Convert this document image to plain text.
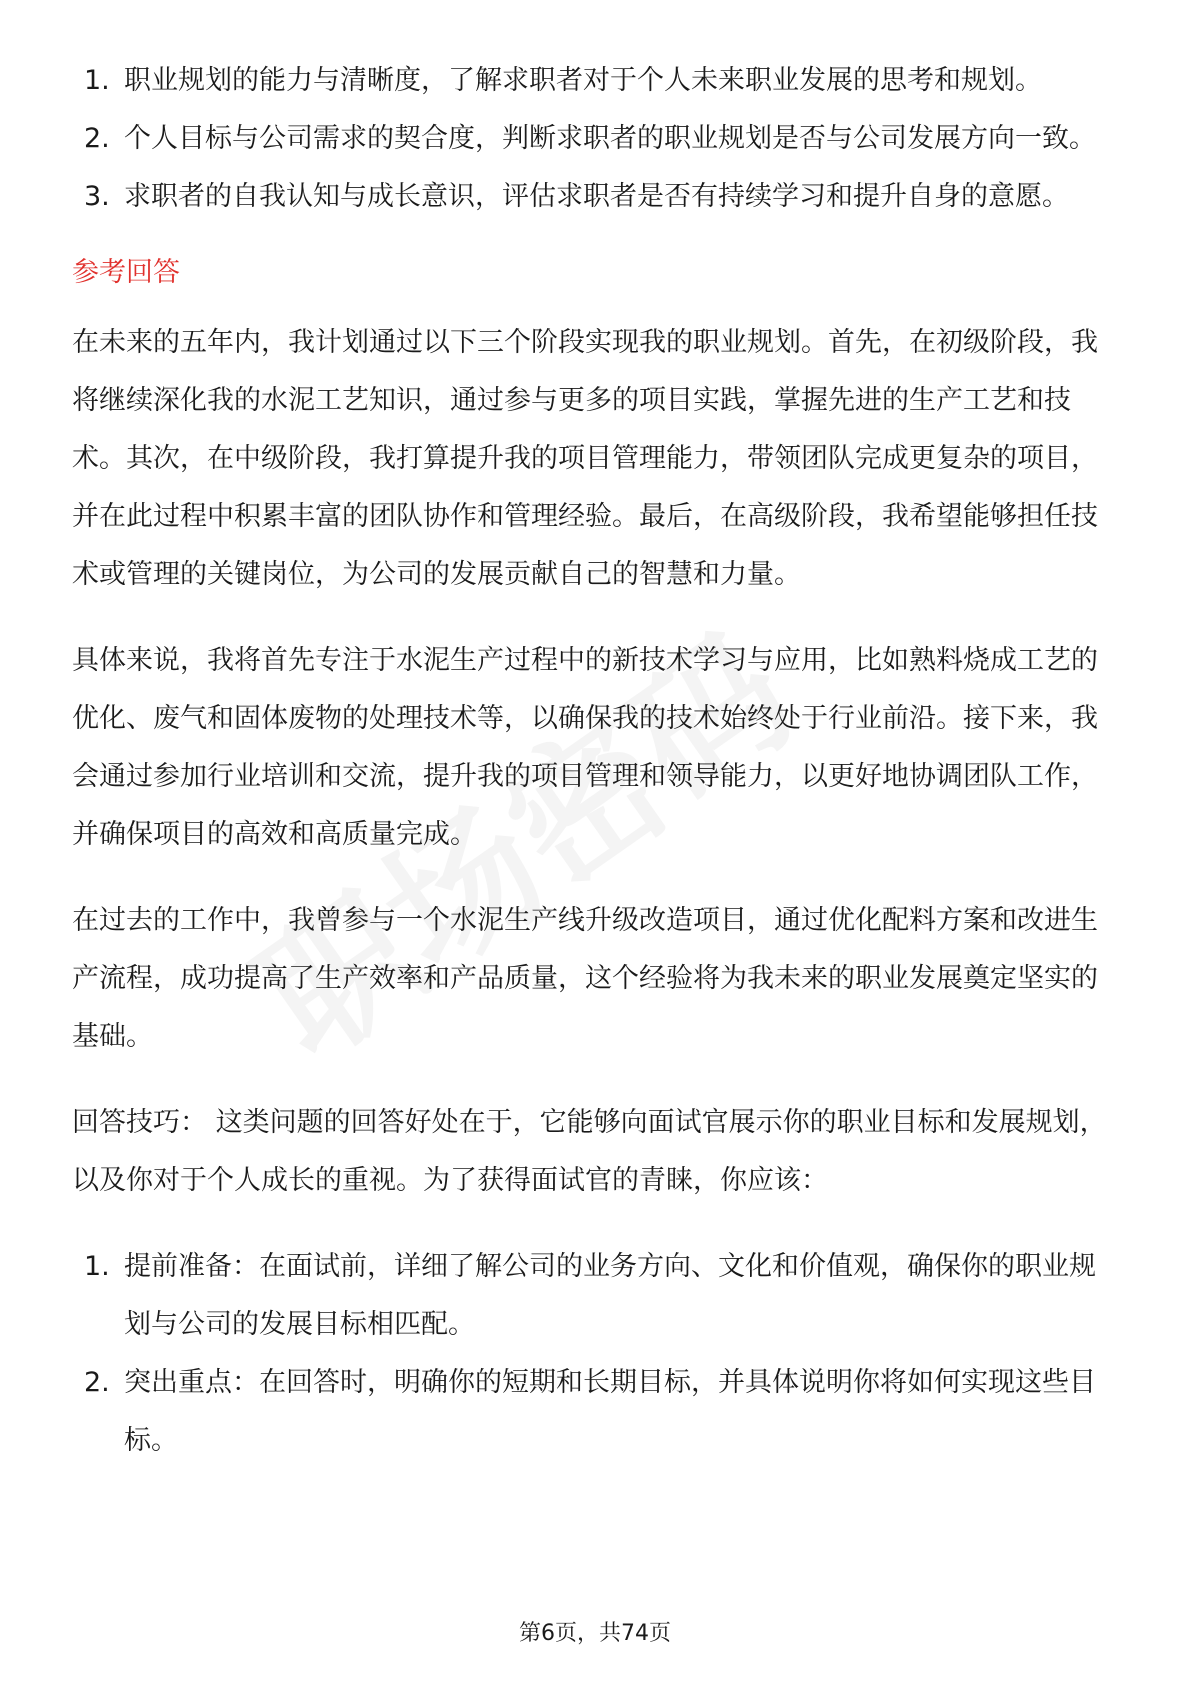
1. 职业规划的能力与清晰度，了解求职者对于个人未来职业发展的思考和规划。
2. 个人目标与公司需求的契合度，判断求职者的职业规划是否与公司发展方向一致。
3. 求职者的自我认知与成长意识，评估求职者是否有持续学习和提升自身的意愿。
参考回答

在未来的五年内，我计划通过以下三个阶段实现我的职业规划。首先，在初级阶段，我将继续深化我的水泥工艺知识，通过参与更多的项目实践，掌握先进的生产工艺和技术。其次，在中级阶段，我打算提升我的项目管理能力，带领团队完成更复杂的项目，并在此过程中积累丰富的团队协作和管理经验。最后，在高级阶段，我希望能够担任技术或管理的关键岗位，为公司的发展贡献自己的智慧和力量。

具体来说，我将首先专注于水泥生产过程中的新技术学习与应用，比如熟料烧成工艺的优化、废气和固体废物的处理技术等，以确保我的技术始终处于行业前沿。接下来，我会通过参加行业培训和交流，提升我的项目管理和领导能力，以更好地协调团队工作，并确保项目的高效和高质量完成。

在过去的工作中，我曾参与一个水泥生产线升级改造项目，通过优化配料方案和改进生产流程，成功提高了生产效率和产品质量，这个经验将为我未来的职业发展奠定坚实的基础。

回答技巧： 这类问题的回答好处在于，它能够向面试官展示你的职业目标和发展规划，以及你对于个人成长的重视。为了获得面试官的青睐，你应该：

1. 提前准备：在面试前，详细了解公司的业务方向、文化和价值观，确保你的职业规划与公司的发展目标相匹配。
2. 突出重点：在回答时，明确你的短期和长期目标，并具体说明你将如何实现这些目标。
第6页，共74页
